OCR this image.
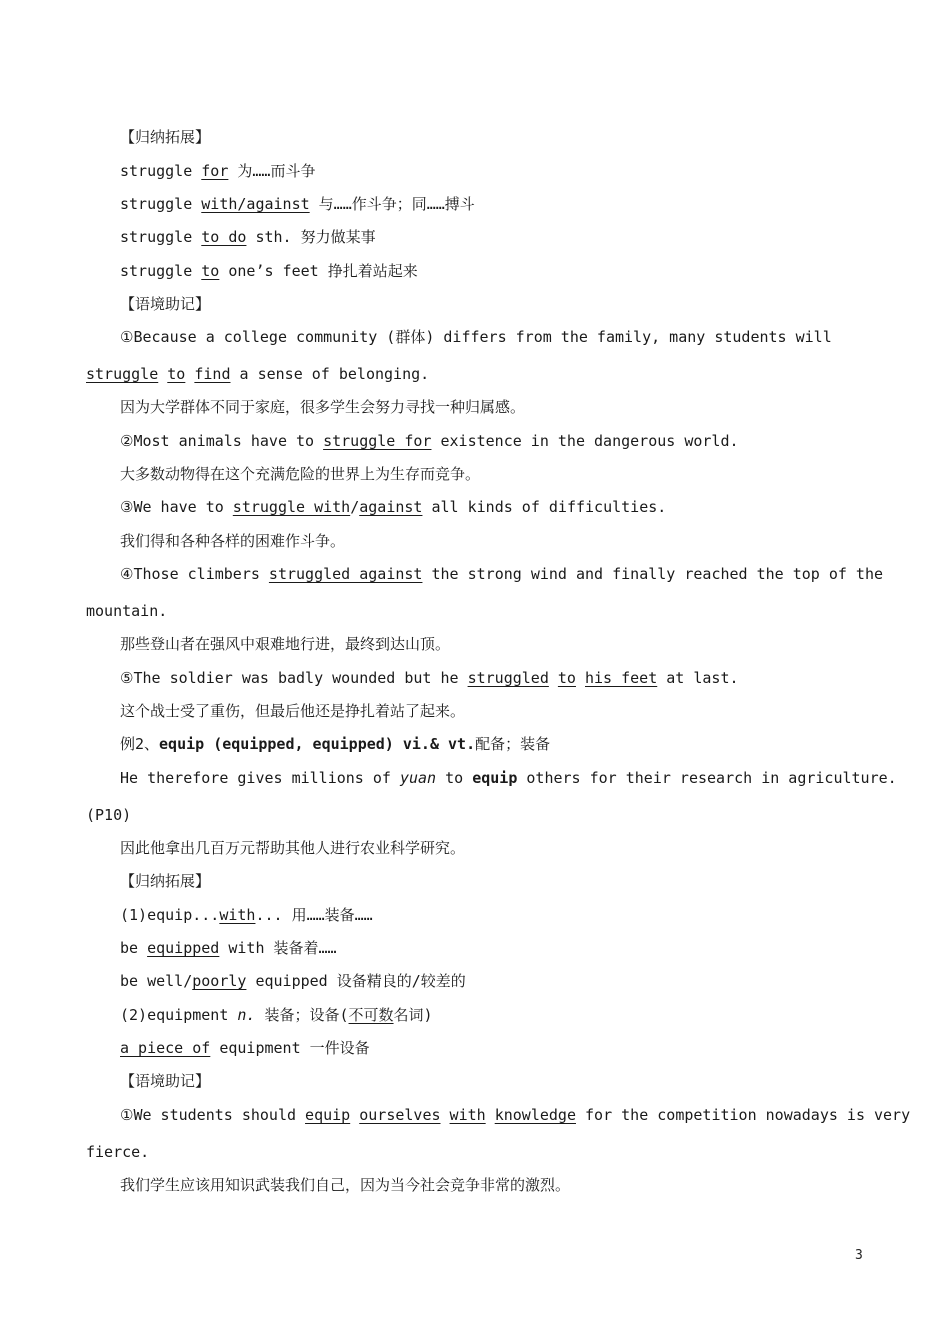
【归纳拓展】
struggle for 为……而斗争
struggle with/against 与……作斗争；同……搏斗
struggle to do sth. 努力做某事
struggle to one’s feet 挣扎着站起来
【语境助记】
①Because a college community (群体) differs from the family, many students will
struggle to find a sense of belonging.
因为大学群体不同于家庭，很多学生会努力寻找一种归属感。
②Most animals have to struggle for existence in the dangerous world.
大多数动物得在这个充满危险的世界上为生存而竞争。
③We have to struggle with/against all kinds of difficulties.
我们得和各种各样的困难作斗争。
④Those climbers struggled against the strong wind and finally reached the top of the
mountain.
那些登山者在强风中艰难地行进，最终到达山顶。
⑤The soldier was badly wounded but he struggled to his feet at last.
这个战士受了重伤，但最后他还是挣扎着站了起来。
例2、equip (equipped, equipped) vi.& vt.配备；装备
He therefore gives millions of yuan to equip others for their research in agriculture.
(P10)
因此他拿出几百万元帮助其他人进行农业科学研究。
【归纳拓展】
(1)equip...with... 用……装备……
be equipped with 装备着……
be well/poorly equipped 设备精良的/较差的
(2)equipment n. 装备；设备(不可数名词)
a piece of equipment 一件设备
【语境助记】
①We students should equip ourselves with knowledge for the competition nowadays is very
fierce.
我们学生应该用知识武装我们自己，因为当今社会竞争非常的激烈。
3
